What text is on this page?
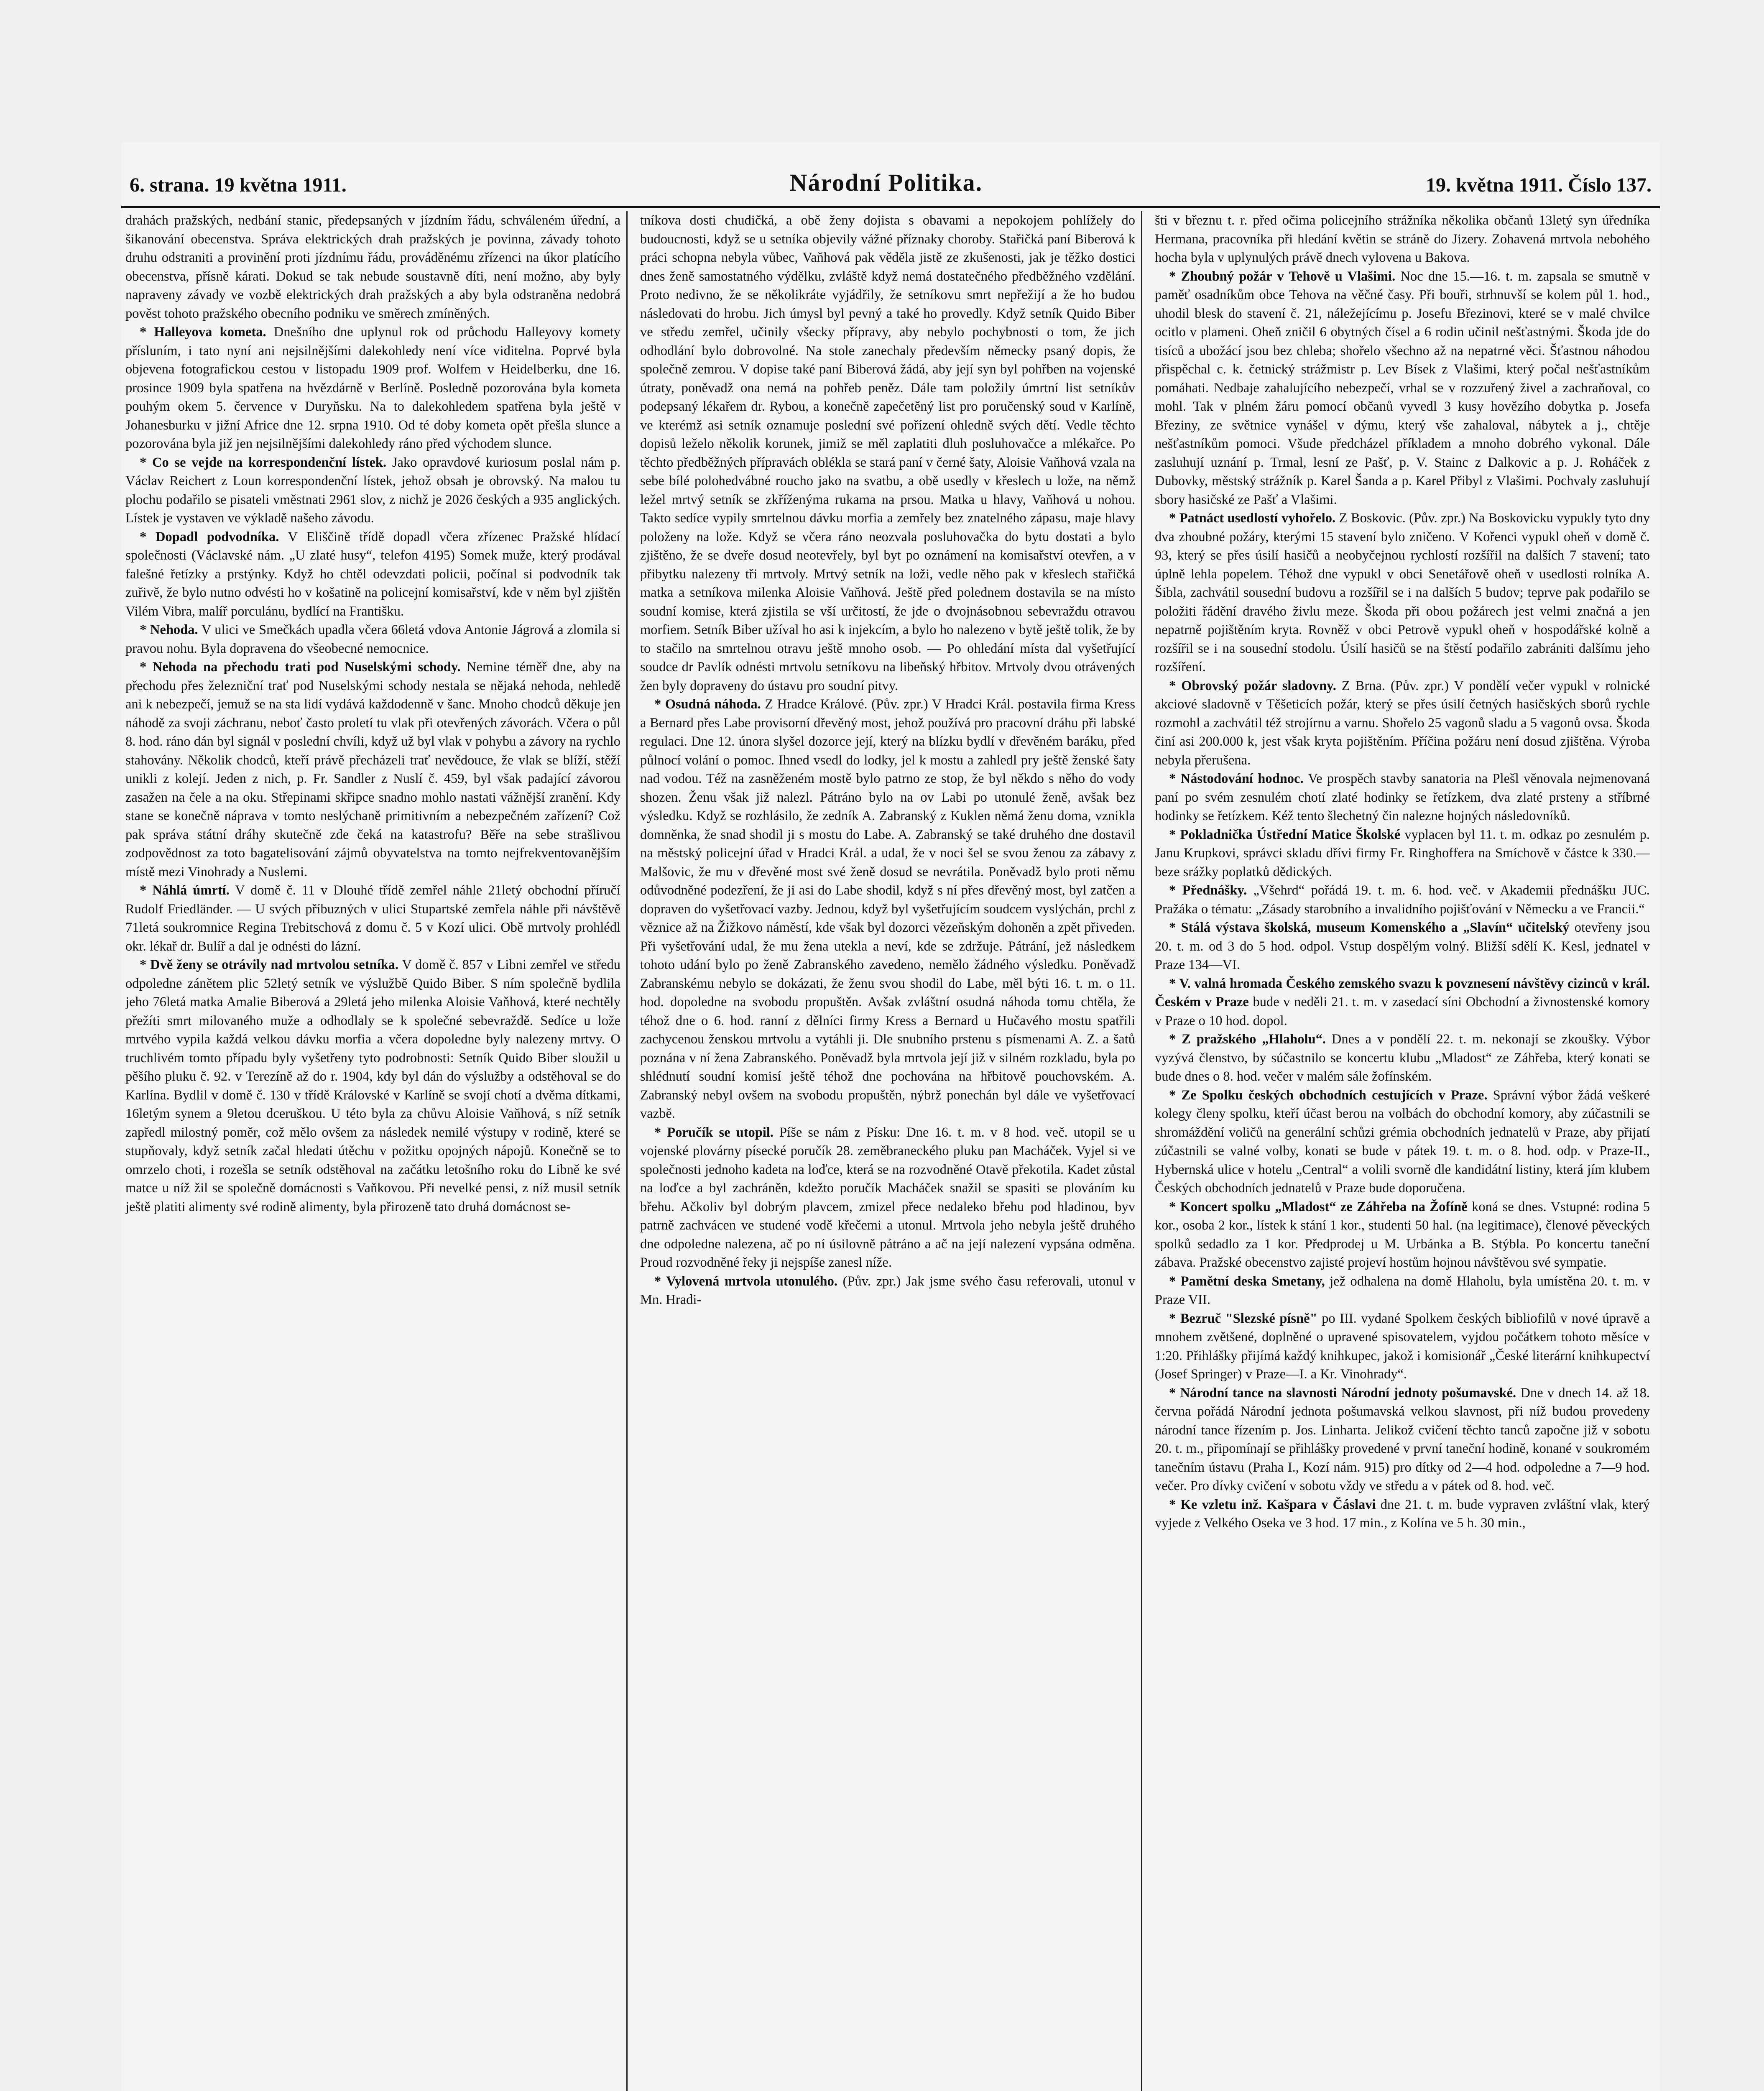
6. strana. 19 května 1911.	Národní Politika.	19. května 1911. Číslo 137.

drahách pražských, nedbání stanic, předepsaných v jízdním řádu, schváleném úřední, a šikanování obecenstva. Správa elektrických drah pražských je povinna, závady tohoto druhu odstraniti a provinění proti jízdnímu řádu, prováděnému zřízenci na úkor platícího obecenstva, přísně kárati. Dokud se tak nebude soustavně díti, není možno, aby byly napraveny závady ve vozbě elektrických drah pražských a aby byla odstraněna nedobrá pověst tohoto pražského obecního podniku ve směrech zmíněných.

* Halleyova kometa. Dnešního dne uplynul rok od průchodu Halleyovy komety přísluním, i tato nyní ani nejsilnějšími dalekohledy není více viditelna. Poprvé byla objevena fotografickou cestou v listopadu 1909 prof. Wolfem v Heidelberku, dne 16. prosince 1909 byla spatřena na hvězdárně v Berlíně. Posledně pozorována byla kometa pouhým okem 5. července v Duryňsku. Na to dalekohledem spatřena byla ještě v Johanesburku v jižní Africe dne 12. srpna 1910. Od té doby kometa opět přešla slunce a pozorována byla již jen nejsilnějšími dalekohledy ráno před východem slunce.

* Co se vejde na korrespondenční lístek. Jako opravdové kuriosum poslal nám p. Václav Reichert z Loun korrespondenční lístek, jehož obsah je obrovský. Na malou tu plochu podařilo se pisateli vměstnati 2961 slov, z nichž je 2026 českých a 935 anglických. Lístek je vystaven ve výkladě našeho závodu.

* Dopadl podvodníka. V Eliščině třídě dopadl včera zřízenec Pražské hlídací společnosti (Václavské nám. „U zlaté husy“, telefon 4195) Somek muže, který prodával falešné řetízky a prstýnky. Když ho chtěl odevzdati policii, počínal si podvodník tak zuřivě, že bylo nutno odvésti ho v košatině na policejní komisařství, kde v něm byl zjištěn Vilém Vibra, malíř porculánu, bydlící na Františku.

* Nehoda. V ulici ve Smečkách upadla včera 66letá vdova Antonie Jágrová a zlomila si pravou nohu. Byla dopravena do všeobecné nemocnice.

* Nehoda na přechodu trati pod Nuselskými schody. Nemine téměř dne, aby na přechodu přes železniční trať pod Nuselskými schody nestala se nějaká nehoda, nehledě ani k nebezpečí, jemuž se na sta lidí vydává každodenně v šanc. Mnoho chodců děkuje jen náhodě za svoji záchranu, neboť často proletí tu vlak při otevřených závorách. Včera o půl 8. hod. ráno dán byl signál v poslední chvíli, když už byl vlak v pohybu a závory na rychlo stahovány. Několik chodců, kteří právě přecházeli trať nevědouce, že vlak se blíží, stěží unikli z kolejí. Jeden z nich, p. Fr. Sandler z Nuslí č. 459, byl však padající závorou zasažen na čele a na oku. Střepinami skřipce snadno mohlo nastati vážnější zranění. Kdy stane se konečně náprava v tomto neslýchaně primitivním a nebezpečném zařízení? Což pak správa státní dráhy skutečně zde čeká na katastrofu? Běře na sebe strašlivou zodpovědnost za toto bagatelisování zájmů obyvatelstva na tomto nejfrekventovanějším místě mezi Vinohrady a Nuslemi.

* Náhlá úmrtí. V domě č. 11 v Dlouhé třídě zemřel náhle 21letý obchodní příručí Rudolf Friedländer. — U svých příbuzných v ulici Stupartské zemřela náhle při návštěvě 71letá soukromnice Regina Trebitschová z domu č. 5 v Kozí ulici. Obě mrtvoly prohlédl okr. lékař dr. Bulíř a dal je odnésti do lázní.

* Dvě ženy se otrávily nad mrtvolou setníka. V domě č. 857 v Libni zemřel ve středu odpoledne zánětem plic 52letý setník ve výslužbě Quido Biber. S ním společně bydlila jeho 76letá matka Amalie Biberová a 29letá jeho milenka Aloisie Vaňhová, které nechtěly přežíti smrt milovaného muže a odhodlaly se k společné sebevraždě. Sedíce u lože mrtvého vypila každá velkou dávku morfia a včera dopoledne byly nalezeny mrtvy. O truchlivém tomto případu byly vyšetřeny tyto podrobnosti: Setník Quido Biber sloužil u pěšího pluku č. 92. v Terezíně až do r. 1904, kdy byl dán do výslužby a odstěhoval se do Karlína. Bydlil v domě č. 130 v třídě Královské v Karlíně se svojí chotí a dvěma dítkami, 16letým synem a 9letou dceruškou. U této byla za chůvu Aloisie Vaňhová, s níž setník zapředl milostný poměr, což mělo ovšem za následek nemilé výstupy v rodině, které se stupňovaly, když setník začal hledati útěchu v požitku opojných nápojů. Konečně se to omrzelo choti, i rozešla se setník odstěhoval na začátku letošního roku do Libně ke své matce u níž žil se společně domácnosti s Vaňkovou. Při nevelké pensi, z níž musil setník ještě platiti alimenty své rodině alimenty, byla přirozeně tato druhá domácnost se-

tníkova dosti chudičká, a obě ženy dojista s obavami a nepokojem pohlížely do budoucnosti, když se u setníka objevily vážné příznaky choroby. Stařičká paní Biberová k práci schopna nebyla vůbec, Vaňhová pak věděla jistě ze zkušenosti, jak je těžko dostici dnes ženě samostatného výdělku, zvláště když nemá dostatečného předběžného vzdělání. Proto nedivno, že se několikráte vyjádřily, že setníkovu smrt nepřežijí a že ho budou následovati do hrobu. Jich úmysl byl pevný a také ho provedly. Když setník Quido Biber ve středu zemřel, učinily všecky přípravy, aby nebylo pochybnosti o tom, že jich odhodlání bylo dobrovolné. Na stole zanechaly především německy psaný dopis, že společně zemrou. V dopise také paní Biberová žádá, aby její syn byl pohřben na vojenské útraty, poněvadž ona nemá na pohřeb peněz. Dále tam položily úmrtní list setníkův podepsaný lékařem dr. Rybou, a konečně zapečetěný list pro poručenský soud v Karlíně, ve kterémž asi setník oznamuje poslední své pořízení ohledně svých dětí. Vedle těchto dopisů leželo několik korunek, jimiž se měl zaplatiti dluh posluhovačce a mlékařce. Po těchto předběžných přípravách oblékla se stará paní v černé šaty, Aloisie Vaňhová vzala na sebe bílé polohedvábné roucho jako na svatbu, a obě usedly v křeslech u lože, na němž ležel mrtvý setník se zkříženýma rukama na prsou. Matka u hlavy, Vaňhová u nohou. Takto sedíce vypily smrtelnou dávku morfia a zemřely bez znatelného zápasu, maje hlavy položeny na lože. Když se včera ráno neozvala posluhovačka do bytu dostati a bylo zjištěno, že se dveře dosud neotevřely, byl byt po oznámení na komisařství otevřen, a v přibytku nalezeny tři mrtvoly. Mrtvý setník na loži, vedle něho pak v křeslech stařičká matka a setníkova milenka Aloisie Vaňhová. Ještě před polednem dostavila se na místo soudní komise, která zjistila se vší určitostí, že jde o dvojnásobnou sebevraždu otravou morfiem. Setník Biber užíval ho asi k injekcím, a bylo ho nalezeno v bytě ještě tolik, že by to stačilo na smrtelnou otravu ještě mnoho osob. — Po ohledání místa dal vyšetřující soudce dr Pavlík odnésti mrtvolu setníkovu na libeňský hřbitov. Mrtvoly dvou otrávených žen byly dopraveny do ústavu pro soudní pitvy.

* Osudná náhoda. Z Hradce Králové. (Pův. zpr.) V Hradci Král. postavila firma Kress a Bernard přes Labe provisorní dřevěný most, jehož používá pro pracovní dráhu při labské regulaci. Dne 12. února slyšel dozorce její, který na blízku bydlí v dřevěném baráku, před půlnocí volání o pomoc. Ihned vsedl do lodky, jel k mostu a zahledl pry ještě ženské šaty nad vodou. Též na zasněženém mostě bylo patrno ze stop, že byl někdo s něho do vody shozen. Ženu však již nalezl. Pátráno bylo na ov Labi po utonulé ženě, avšak bez výsledku. Když se rozhlásilo, že zedník A. Zabranský z Kuklen němá ženu doma, vznikla domněnka, že snad shodil ji s mostu do Labe. A. Zabranský se také druhého dne dostavil na městský policejní úřad v Hradci Král. a udal, že v noci šel se svou ženou za zábavy z Malšovic, že mu v dřevěné most své ženě dosud se nevrátila. Poněvadž bylo proti němu odůvodněné podezření, že ji asi do Labe shodil, když s ní přes dřevěný most, byl zatčen a dopraven do vyšetřovací vazby. Jednou, když byl vyšetřujícím soudcem vyslýchán, prchl z věznice až na Žižkovo náměstí, kde však byl dozorci vězeňským dohoněn a zpět přiveden. Při vyšetřování udal, že mu žena utekla a neví, kde se zdržuje. Pátrání, jež následkem tohoto udání bylo po ženě Zabranského zavedeno, nemělo žádného výsledku. Poněvadž Zabranskému nebylo se dokázati, že ženu svou shodil do Labe, měl býti 16. t. m. o 11. hod. dopoledne na svobodu propuštěn. Avšak zvláštní osudná náhoda tomu chtěla, že téhož dne o 6. hod. ranní z dělníci firmy Kress a Bernard u Hučavého mostu spatřili zachycenou ženskou mrtvolu a vytáhli ji. Dle snubního prstenu s písmenami A. Z. a šatů poznána v ní žena Zabranského. Poněvadž byla mrtvola její již v silném rozkladu, byla po shlédnutí soudní komisí ještě téhož dne pochována na hřbitově pouchovském. A. Zabranský nebyl ovšem na svobodu propuštěn, nýbrž ponechán byl dále ve vyšetřovací vazbě.

* Poručík se utopil. Píše se nám z Písku: Dne 16. t. m. v 8 hod. več. utopil se u vojenské plovárny písecké poručík 28. zeměbraneckého pluku pan Macháček. Vyjel si ve společnosti jednoho kadeta na loďce, která se na rozvodněné Otavě překotila. Kadet zůstal na loďce a byl zachráněn, kdežto poručík Macháček snažil se spasiti se plováním ku břehu. Ačkoliv byl dobrým plavcem, zmizel přece nedaleko břehu pod hladinou, byv patrně zachvácen ve studené vodě křečemi a utonul. Mrtvola jeho nebyla ještě druhého dne odpoledne nalezena, ač po ní úsilovně pátráno a ač na její nalezení vypsána odměna. Proud rozvodněné řeky ji nejspíše zanesl níže.

* Vylovená mrtvola utonulého. (Pův. zpr.) Jak jsme svého času referovali, utonul v Mn. Hradi-

šti v březnu t. r. před očima policejního strážníka několika občanů 13letý syn úředníka Hermana, pracovníka při hledání květin se stráně do Jizery. Zohavená mrtvola nebohého hocha byla v uplynulých právě dnech vylovena u Bakova.

* Zhoubný požár v Tehově u Vlašimi. Noc dne 15.—16. t. m. zapsala se smutně v paměť osadníkům obce Tehova na věčné časy. Při bouři, strhnuvší se kolem půl 1. hod., uhodil blesk do stavení č. 21, náležejícímu p. Josefu Březinovi, které se v malé chvilce ocitlo v plameni. Oheň zničil 6 obytných čísel a 6 rodin učinil nešťastnými. Škoda jde do tisíců a ubožácí jsou bez chleba; shořelo všechno až na nepatrné věci. Šťastnou náhodou přispěchal c. k. četnický strážmistr p. Lev Bísek z Vlašimi, který počal nešťastníkům pomáhati. Nedbaje zahalujícího nebezpečí, vrhal se v rozzuřený živel a zachraňoval, co mohl. Tak v plném žáru pomocí občanů vyvedl 3 kusy hovězího dobytka p. Josefa Březiny, ze světnice vynášel v dýmu, který vše zahaloval, nábytek a j., chtěje nešťastníkům pomoci. Všude předcházel příkladem a mnoho dobrého vykonal. Dále zasluhují uznání p. Trmal, lesní ze Pašť, p. V. Stainc z Dalkovic a p. J. Roháček z Dubovky, městský strážník p. Karel Šanda a p. Karel Přibyl z Vlašimi. Pochvaly zasluhují sbory hasičské ze Pašť a Vlašimi.

* Patnáct usedlostí vyhořelo. Z Boskovic. (Pův. zpr.) Na Boskovicku vypukly tyto dny dva zhoubné požáry, kterými 15 stavení bylo zničeno. V Kořenci vypukl oheň v domě č. 93, který se přes úsilí hasičů a neobyčejnou rychlostí rozšířil na dalších 7 stavení; tato úplně lehla popelem. Téhož dne vypukl v obci Senetářově oheň v usedlosti rolníka A. Šibla, zachvátil sousední budovu a rozšířil se i na dalších 5 budov; teprve pak podařilo se položiti řádění dravého živlu meze. Škoda při obou požárech jest velmi značná a jen nepatrně pojištěním kryta. Rovněž v obci Petrově vypukl oheň v hospodářské kolně a rozšířil se i na sousední stodolu. Úsilí hasičů se na štěstí podařilo zabrániti dalšímu jeho rozšíření.

* Obrovský požár sladovny. Z Brna. (Pův. zpr.) V pondělí večer vypukl v rolnické akciové sladovně v Těšeticích požár, který se přes úsilí četných hasičských sborů rychle rozmohl a zachvátil též strojírnu a varnu. Shořelo 25 vagonů sladu a 5 vagonů ovsa. Škoda činí asi 200.000 k, jest však kryta pojištěním. Příčina požáru není dosud zjištěna. Výroba nebyla přerušena.

* Nástodování hodnoc. Ve prospěch stavby sanatoria na Plešl věnovala nejmenovaná paní po svém zesnulém chotí zlaté hodinky se řetízkem, dva zlaté prsteny a stříbrné hodinky se řetízkem. Kéž tento šlechetný čin nalezne hojných následovníků.

* Pokladnička Ústřední Matice Školské vyplacen byl 11. t. m. odkaz po zesnulém p. Janu Krupkovi, správci skladu dřívi firmy Fr. Ringhoffera na Smíchově v částce k 330.— beze srážky poplatků dědických.

* Přednášky. „Všehrd“ pořádá 19. t. m. 6. hod. več. v Akademii přednášku JUC. Pražáka o tématu: „Zásady starobního a invalidního pojišťování v Německu a ve Francii.“

* Stálá výstava školská, museum Komenského a „Slavín“ učitelský otevřeny jsou 20. t. m. od 3 do 5 hod. odpol. Vstup dospělým volný. Bližší sdělí K. Kesl, jednatel v Praze 134—VI.

* V. valná hromada Českého zemského svazu k povznesení návštěvy cizinců v král. Českém v Praze bude v neděli 21. t. m. v zasedací síni Obchodní a živnostenské komory v Praze o 10 hod. dopol.

* Z pražského „Hlaholu“. Dnes a v pondělí 22. t. m. nekonají se zkoušky. Výbor vyzývá členstvo, by súčastnilo se koncertu klubu „Mladost“ ze Záhřeba, který konati se bude dnes o 8. hod. večer v malém sále žofínském.

* Ze Spolku českých obchodních cestujících v Praze. Správní výbor žádá veškeré kolegy členy spolku, kteří účast berou na volbách do obchodní komory, aby zúčastnili se shromáždění voličů na generální schůzi grémia obchodních jednatelů v Praze, aby přijatí zúčastnili se valné volby, konati se bude v pátek 19. t. m. o 8. hod. odp. v Praze-II., Hybernská ulice v hotelu „Central“ a volili svorně dle kandidátní listiny, která jím klubem Českých obchodních jednatelů v Praze bude doporučena.

* Koncert spolku „Mladost“ ze Záhřeba na Žofíně koná se dnes. Vstupné: rodina 5 kor., osoba 2 kor., lístek k stání 1 kor., studenti 50 hal. (na legitimace), členové pěveckých spolků sedadlo za 1 kor. Předprodej u M. Urbánka a B. Stýbla. Po koncertu taneční zábava. Pražské obecenstvo zajisté projeví hostům hojnou návštěvou své sympatie.

* Pamětní deska Smetany, jež odhalena na domě Hlaholu, byla umístěna 20. t. m. v Praze VII.

* Bezruč "Slezské písně" po III. vydané Spolkem českých bibliofilů v nové úpravě a mnohem zvětšené, doplněné o upravené spisovatelem, vyjdou počátkem tohoto měsíce v 1:20. Přihlášky přijímá každý knihkupec, jakož i komisionář „České literární knihkupectví (Josef Springer) v Praze—I. a Kr. Vinohrady“.

* Národní tance na slavnosti Národní jednoty pošumavské. Dne v dnech 14. až 18. června pořádá Národní jednota pošumavská velkou slavnost, při níž budou provedeny národní tance řízením p. Jos. Linharta. Jelikož cvičení těchto tanců započne již v sobotu 20. t. m., připomínají se přihlášky provedené v první taneční hodině, konané v soukromém tanečním ústavu (Praha I., Kozí nám. 915) pro dítky od 2—4 hod. odpoledne a 7—9 hod. večer. Pro dívky cvičení v sobotu vždy ve středu a v pátek od 8. hod. več.

* Ke vzletu inž. Kašpara v Čáslavi dne 21. t. m. bude vypraven zvláštní vlak, který vyjede z Velkého Oseka ve 3 hod. 17 min., z Kolína ve 5 h. 30 min.,
